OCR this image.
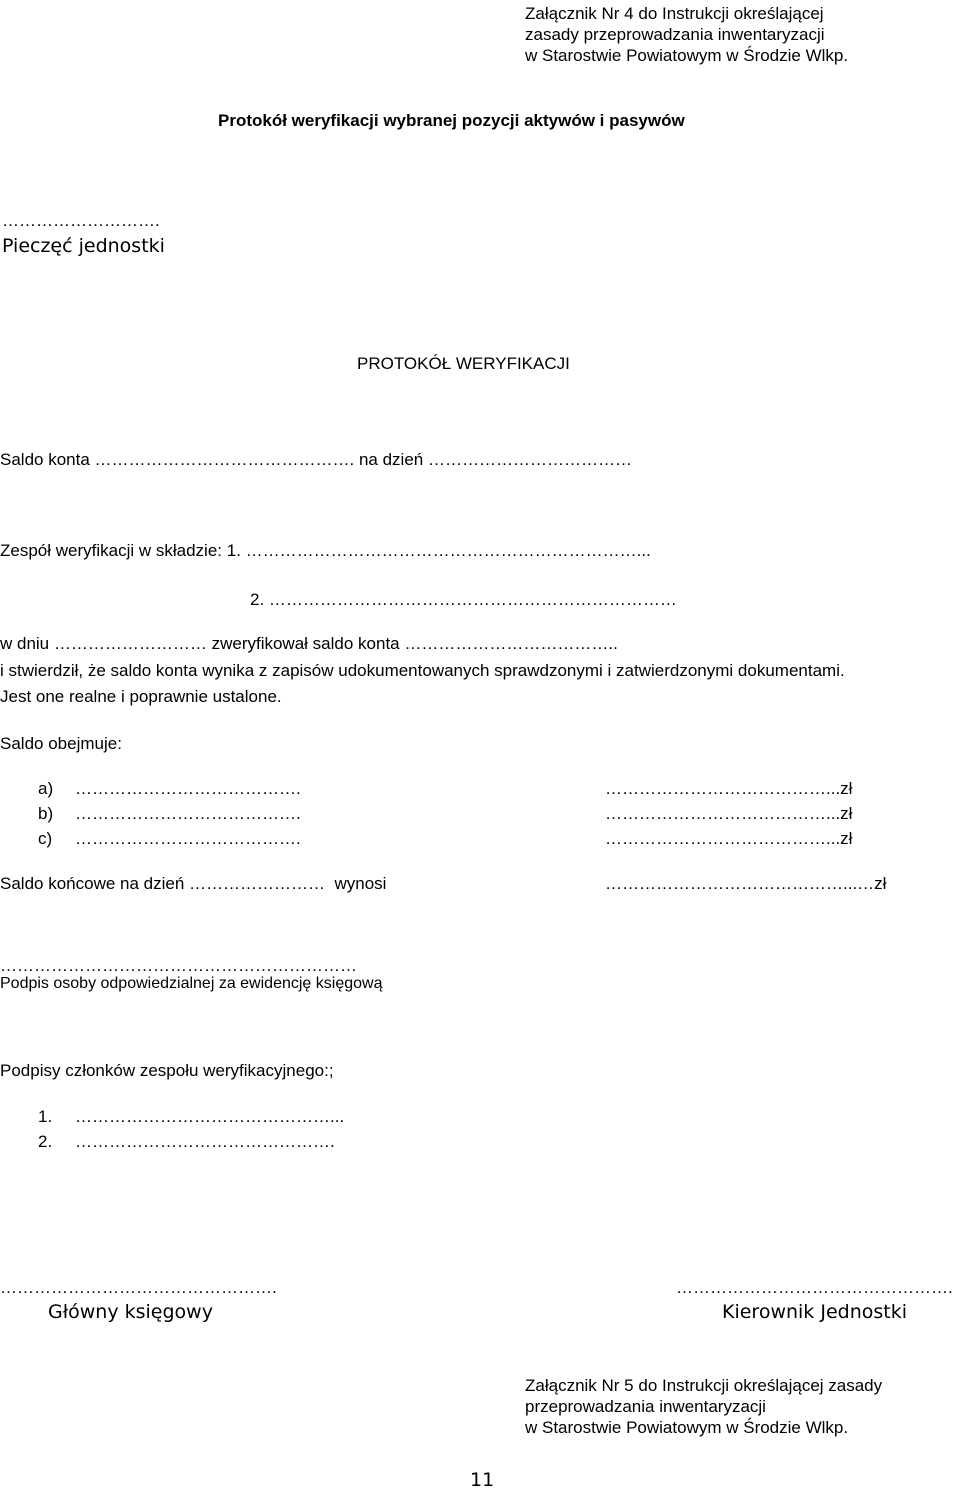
Załącznik Nr 4 do Instrukcji określającej
zasady przeprowadzania inwentaryzacji
w Starostwie Powiatowym w Środzie Wlkp.
Protokół weryfikacji wybranej pozycji aktywów i pasywów
……………………….
Pieczęć jednostki
PROTOKÓŁ WERYFIKACJI
Saldo konta ………………………………………. na dzień ………………………………
Zespół weryfikacji w składzie: 1. ……………………………………………………………...
2. ………………………………………………………………
w dniu ……………………… zweryfikował saldo konta ………………………………..
i stwierdził, że saldo konta wynika z zapisów udokumentowanych sprawdzonymi i zatwierdzonymi dokumentami.
Jest one realne i poprawnie ustalone.
Saldo obejmuje:
a) ………………………………….	…………………………………...zł
b) ………………………………….	…………………………………...zł
c) ………………………………….	…………………………………...zł
Saldo końcowe na dzień ……………………  wynosi	……………………………………...…zł
………………………………………………………
Podpis osoby odpowiedzialnej za ewidencję księgową
Podpisy członków zespołu weryfikacyjnego:;
1. ………………………………………...
2. ……………………………………….
………………………………………….
Główny księgowy
………………………………………….
Kierownik Jednostki
Załącznik Nr 5 do Instrukcji określającej zasady
przeprowadzania inwentaryzacji
w Starostwie Powiatowym w Środzie Wlkp.
11
